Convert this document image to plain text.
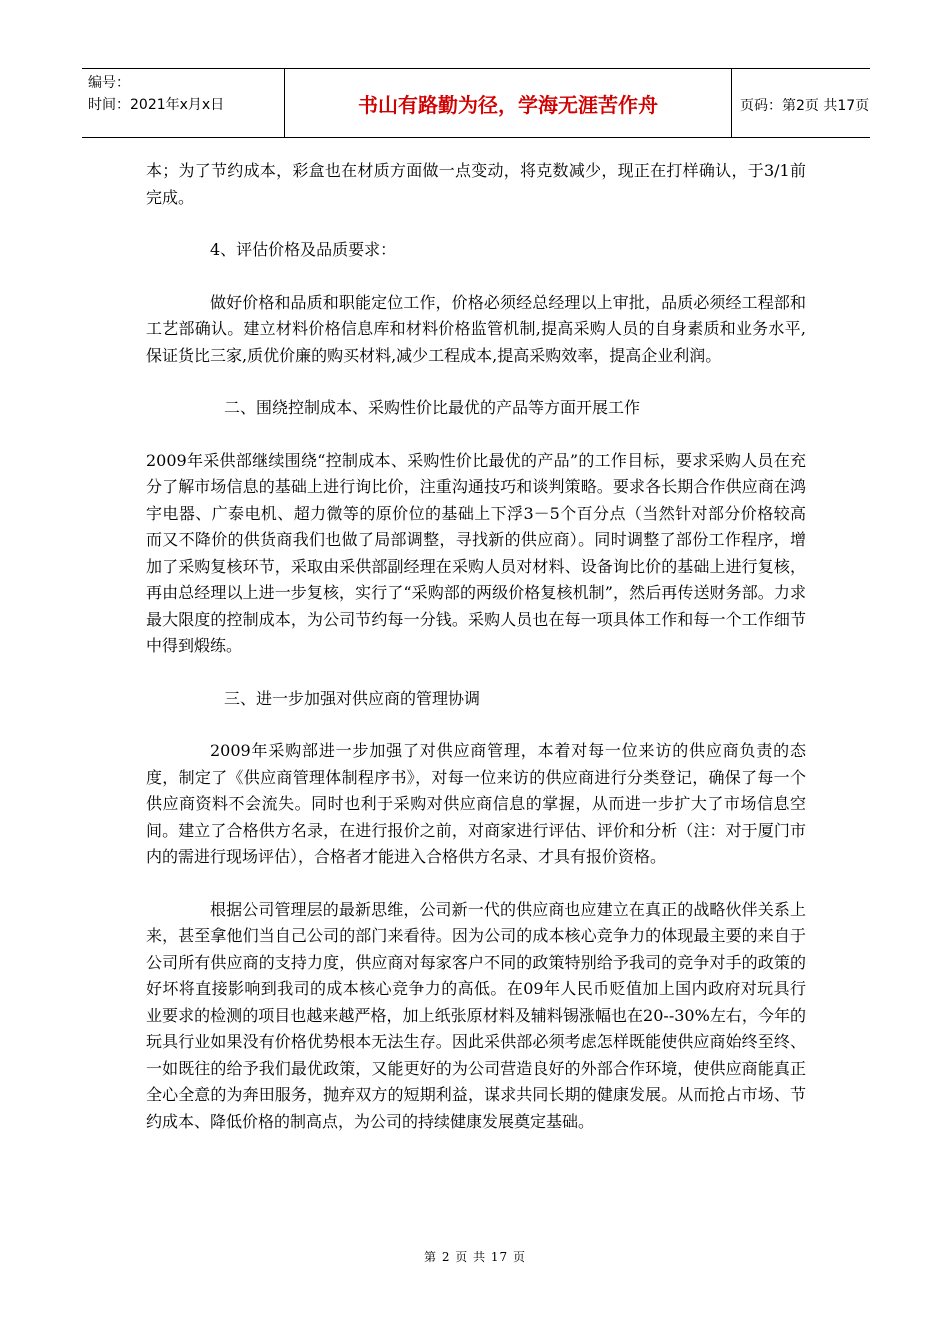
编号：
时间：2021年x月x日	书山有路勤为径，学海无涯苦作舟	页码：第2页 共17页

本；为了节约成本，彩盒也在材质方面做一点变动，将克数减少，现正在打样确认，于3/1前完成。

4、评估价格及品质要求：

做好价格和品质和职能定位工作，价格必须经总经理以上审批，品质必须经工程部和工艺部确认。建立材料价格信息库和材料价格监管机制,提高采购人员的自身素质和业务水平,保证货比三家,质优价廉的购买材料,减少工程成本,提高采购效率，提高企业利润。

二、围绕控制成本、采购性价比最优的产品等方面开展工作

2009年采供部继续围绕“控制成本、采购性价比最优的产品”的工作目标，要求采购人员在充分了解市场信息的基础上进行询比价，注重沟通技巧和谈判策略。要求各长期合作供应商在鸿宇电器、广泰电机、超力微等的原价位的基础上下浮3－5个百分点（当然针对部分价格较高而又不降价的供货商我们也做了局部调整，寻找新的供应商）。同时调整了部份工作程序，增加了采购复核环节，采取由采供部副经理在采购人员对材料、设备询比价的基础上进行复核，再由总经理以上进一步复核，实行了“采购部的两级价格复核机制”，然后再传送财务部。力求最大限度的控制成本，为公司节约每一分钱。采购人员也在每一项具体工作和每一个工作细节中得到煅练。

三、进一步加强对供应商的管理协调

2009年采购部进一步加强了对供应商管理，本着对每一位来访的供应商负责的态度，制定了《供应商管理体制程序书》，对每一位来访的供应商进行分类登记，确保了每一个供应商资料不会流失。同时也利于采购对供应商信息的掌握，从而进一步扩大了市场信息空间。建立了合格供方名录，在进行报价之前，对商家进行评估、评价和分析（注：对于厦门市内的需进行现场评估），合格者才能进入合格供方名录、才具有报价资格。

根据公司管理层的最新思维，公司新一代的供应商也应建立在真正的战略伙伴关系上来，甚至拿他们当自己公司的部门来看待。因为公司的成本核心竞争力的体现最主要的来自于公司所有供应商的支持力度，供应商对每家客户不同的政策特别给予我司的竞争对手的政策的好坏将直接影响到我司的成本核心竞争力的高低。在09年人民币贬值加上国内政府对玩具行业要求的检测的项目也越来越严格，加上纸张原材料及辅料锡涨幅也在20--30%左右，今年的玩具行业如果没有价格优势根本无法生存。因此采供部必须考虑怎样既能使供应商始终至终、一如既往的给予我们最优政策，又能更好的为公司营造良好的外部合作环境，使供应商能真正全心全意的为奔田服务，抛弃双方的短期利益，谋求共同长期的健康发展。从而抢占市场、节约成本、降低价格的制高点，为公司的持续健康发展奠定基础。

第 2 页 共 17 页
